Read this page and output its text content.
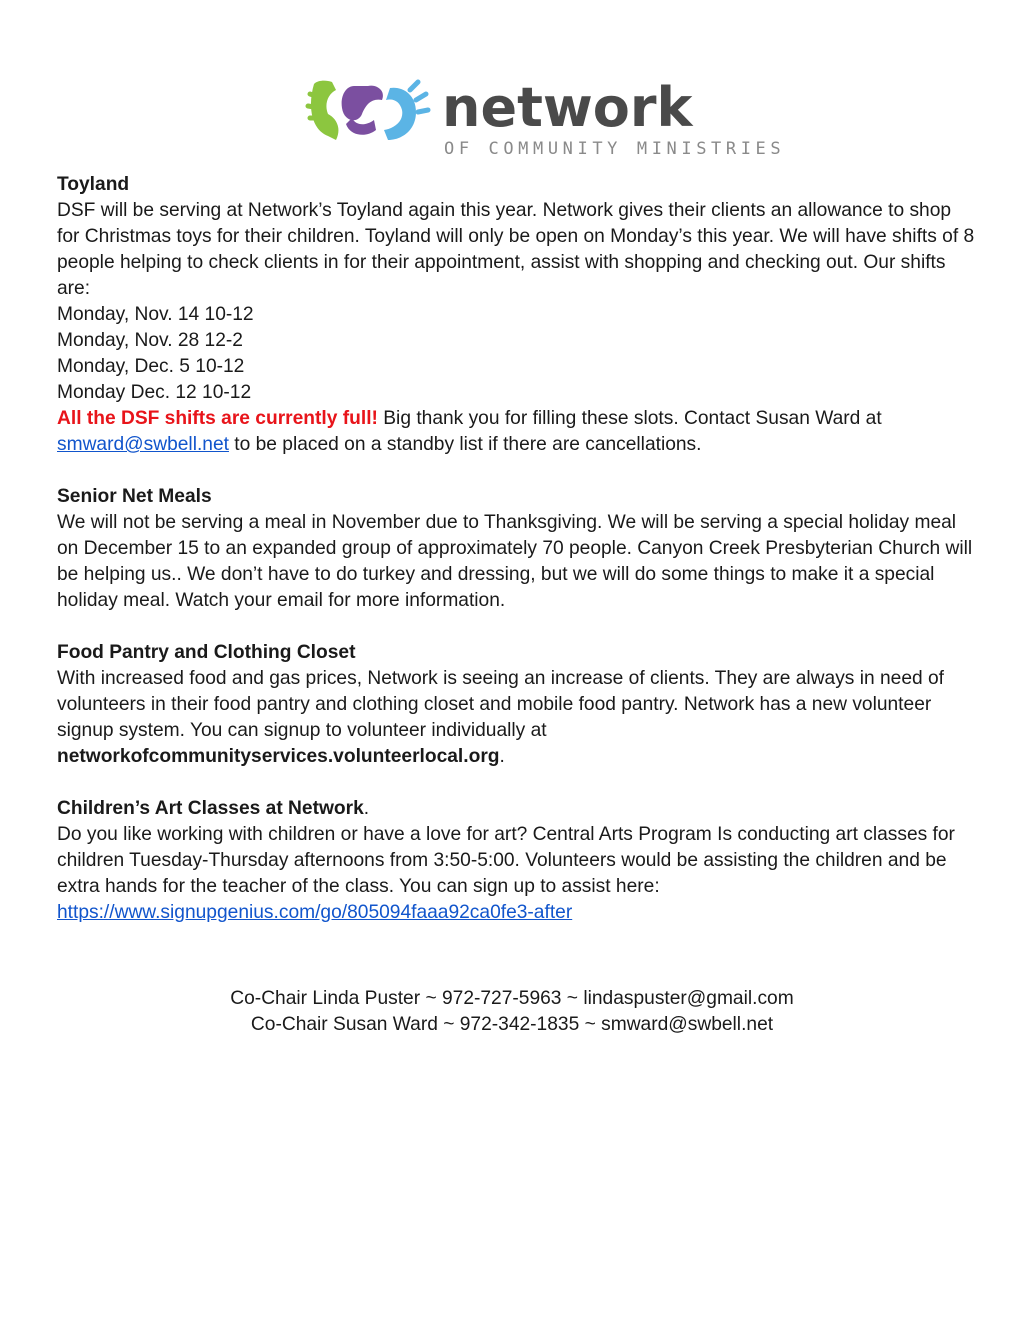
network
OF COMMUNITY MINISTRIES
Toyland
DSF will be serving at Network’s Toyland again this year. Network gives their clients an allowance to shop for Christmas toys for their children. Toyland will only be open on Monday’s this year. We will have shifts of 8 people helping to check clients in for their appointment, assist with shopping and checking out. Our shifts are:
Monday, Nov. 14 10-12
Monday, Nov. 28 12-2
Monday, Dec. 5 10-12
Monday Dec. 12 10-12
All the DSF shifts are currently full! Big thank you for filling these slots. Contact Susan Ward at smward@swbell.net to be placed on a standby list if there are cancellations.
Senior Net Meals
We will not be serving a meal in November due to Thanksgiving. We will be serving a special holiday meal on December 15 to an expanded group of approximately 70 people. Canyon Creek Presbyterian Church will be helping us.. We don’t have to do turkey and dressing, but we will do some things to make it a special holiday meal. Watch your email for more information.
Food Pantry and Clothing Closet
With increased food and gas prices, Network is seeing an increase of clients. They are always in need of volunteers in their food pantry and clothing closet and mobile food pantry. Network has a new volunteer signup system. You can signup to volunteer individually at networkofcommunityservices.volunteerlocal.org.
Children’s Art Classes at Network.
Do you like working with children or have a love for art? Central Arts Program Is conducting art classes for children Tuesday-Thursday afternoons from 3:50-5:00. Volunteers would be assisting the children and be extra hands for the teacher of the class. You can sign up to assist here: https://www.signupgenius.com/go/805094faaa92ca0fe3-after
Co-Chair Linda Puster ~ 972-727-5963 ~ lindaspuster@gmail.com
Co-Chair Susan Ward ~ 972-342-1835 ~ smward@swbell.net
